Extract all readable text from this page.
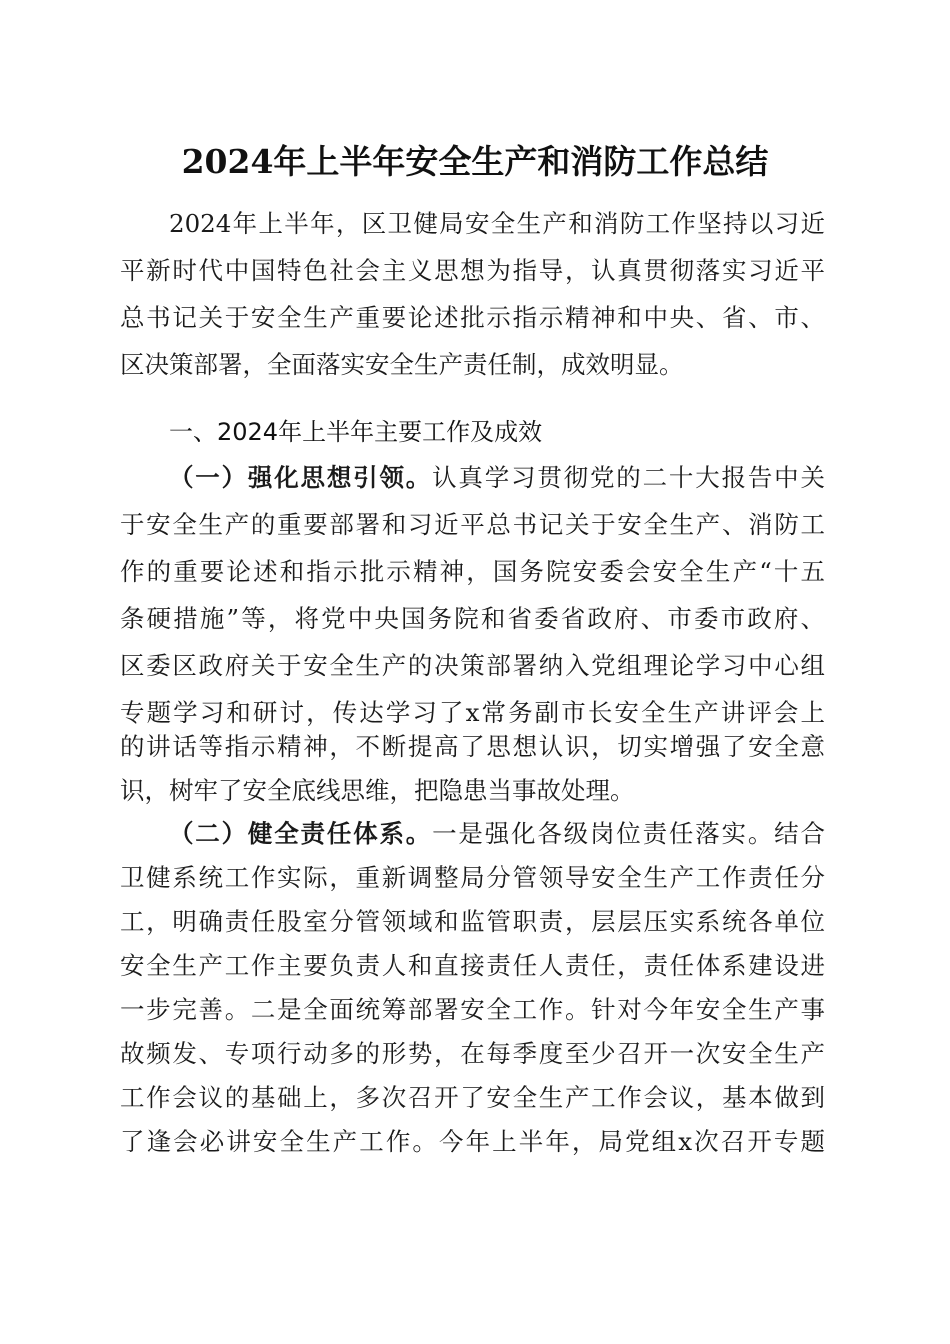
2024年上半年安全生产和消防工作总结
2024年上半年，区卫健局安全生产和消防工作坚持以习近
平新时代中国特色社会主义思想为指导，认真贯彻落实习近平
总书记关于安全生产重要论述批示指示精神和中央、省、市、
区决策部署，全面落实安全生产责任制，成效明显。
一、2024年上半年主要工作及成效
（一）强化思想引领。认真学习贯彻党的二十大报告中关
于安全生产的重要部署和习近平总书记关于安全生产、消防工
作的重要论述和指示批示精神，国务院安委会安全生产“十五
条硬措施”等，将党中央国务院和省委省政府、市委市政府、
区委区政府关于安全生产的决策部署纳入党组理论学习中心组
专题学习和研讨，传达学习了x常务副市长安全生产讲评会上
的讲话等指示精神，不断提高了思想认识，切实增强了安全意
识，树牢了安全底线思维，把隐患当事故处理。
（二）健全责任体系。一是强化各级岗位责任落实。结合
卫健系统工作实际，重新调整局分管领导安全生产工作责任分
工，明确责任股室分管领域和监管职责，层层压实系统各单位
安全生产工作主要负责人和直接责任人责任，责任体系建设进
一步完善。二是全面统筹部署安全工作。针对今年安全生产事
故频发、专项行动多的形势，在每季度至少召开一次安全生产
工作会议的基础上，多次召开了安全生产工作会议，基本做到
了逢会必讲安全生产工作。今年上半年，局党组x次召开专题
